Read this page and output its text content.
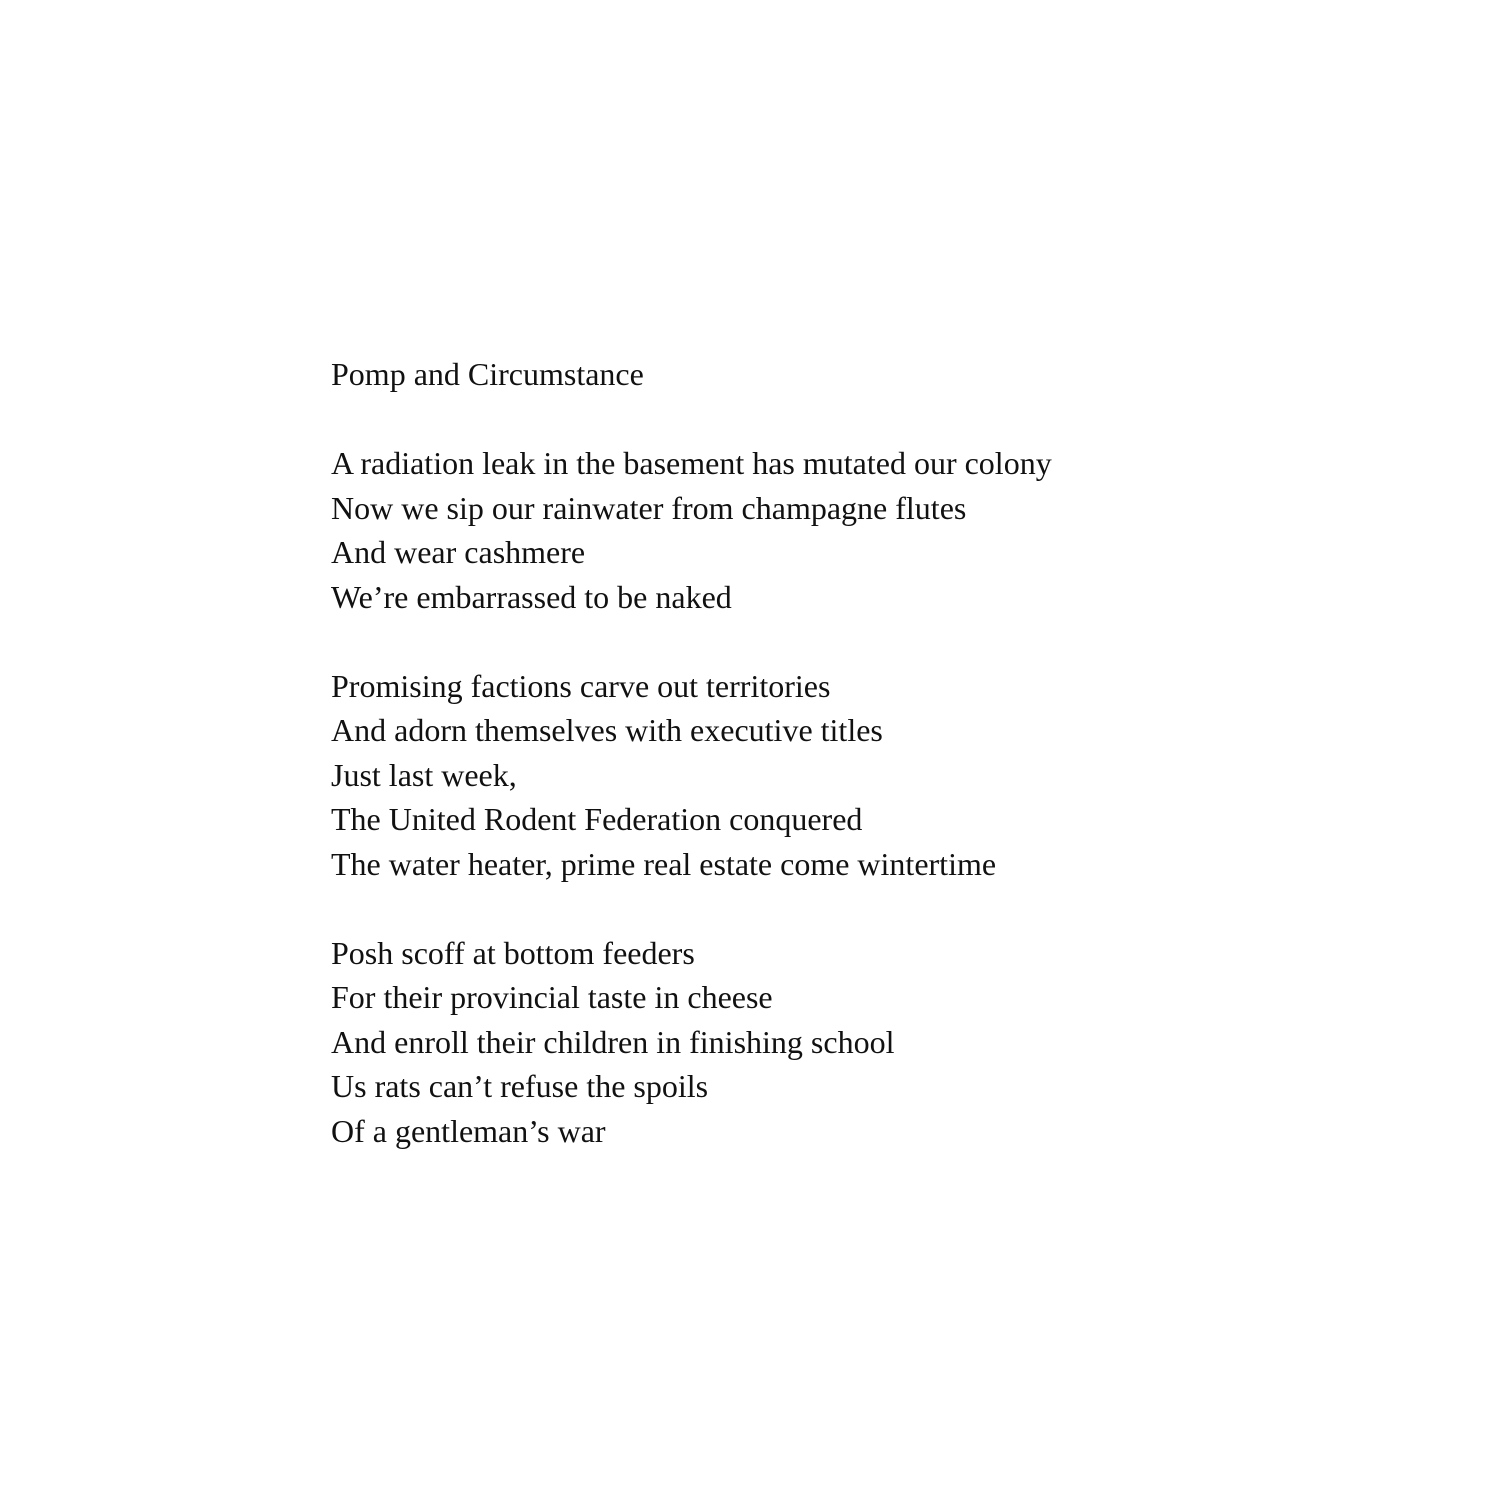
Pomp and Circumstance
A radiation leak in the basement has mutated our colony
Now we sip our rainwater from champagne flutes
And wear cashmere
We’re embarrassed to be naked
Promising factions carve out territories
And adorn themselves with executive titles
Just last week,
The United Rodent Federation conquered
The water heater, prime real estate come wintertime
Posh scoff at bottom feeders
For their provincial taste in cheese
And enroll their children in finishing school
Us rats can’t refuse the spoils
Of a gentleman’s war
